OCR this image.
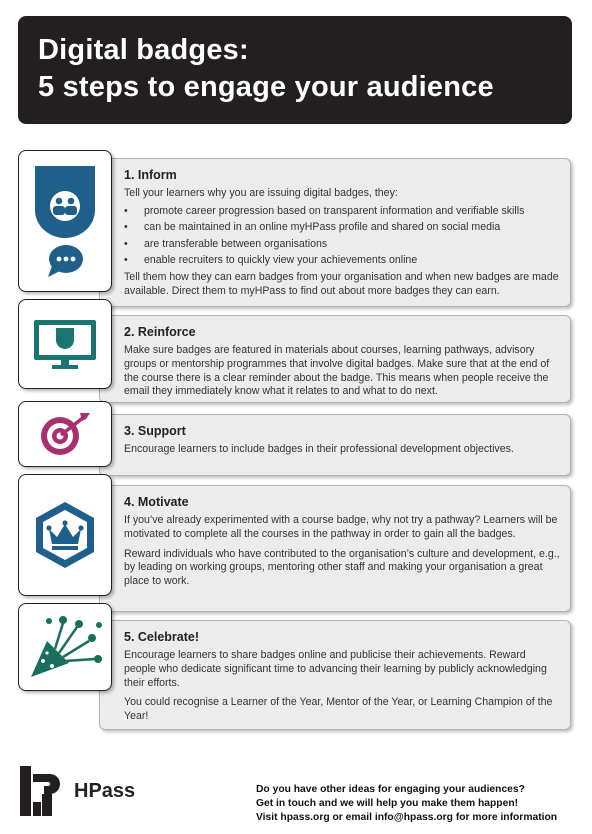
Digital badges:
5 steps to engage your audience
1. Inform

Tell your learners why you are issuing digital badges, they:

• promote career progression based on transparent information and verifiable skills
• can be maintained in an online myHPass profile and shared on social media
• are transferable between organisations
• enable recruiters to quickly view your achievements online

Tell them how they can earn badges from your organisation and when new badges are made available. Direct them to myHPass to find out about more badges they can earn.

2. Reinforce

Make sure badges are featured in materials about courses, learning pathways, advisory groups or mentorship programmes that involve digital badges. Make sure that at the end of the course there is a clear reminder about the badge. This means when people receive the email they immediately know what it relates to and what to do next.

3. Support

Encourage learners to include badges in their professional development objectives.

4. Motivate

If you’ve already experimented with a course badge, why not try a pathway? Learners will be motivated to complete all the courses in the pathway in order to gain all the badges.

Reward individuals who have contributed to the organisation’s culture and development, e.g., by leading on working groups, mentoring other staff and making your organisation a great place to work.

5. Celebrate!

Encourage learners to share badges online and publicise their achievements. Reward people who dedicate significant time to advancing their learning by publicly acknowledging their efforts.

You could recognise a Learner of the Year, Mentor of the Year, or Learning Champion of the Year!

HPass	Do you have other ideas for engaging your audiences?
Get in touch and we will help you make them happen!
Visit hpass.org or email info@hpass.org for more information
